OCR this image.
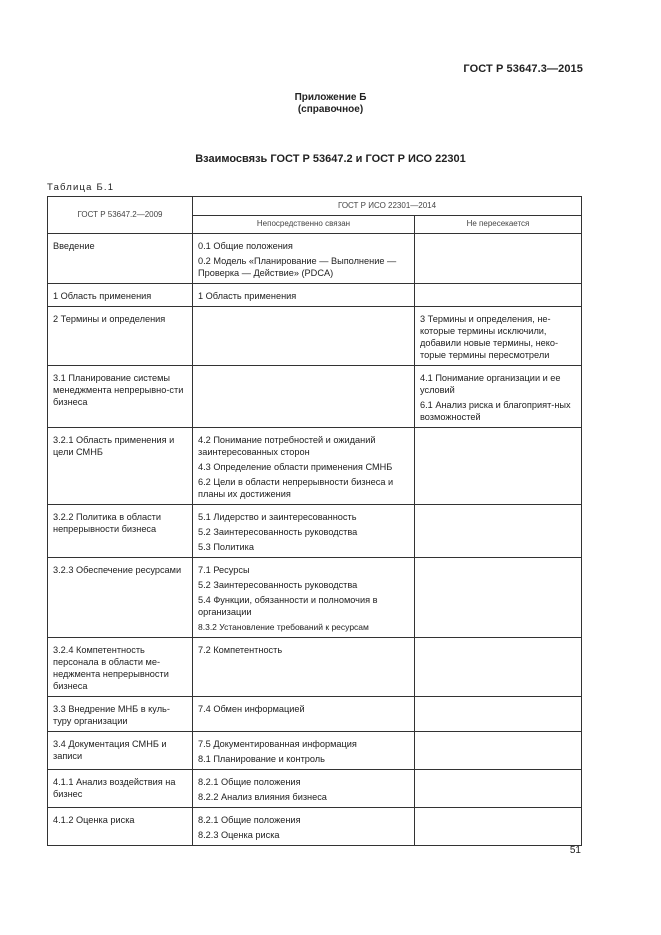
ГОСТ Р 53647.3—2015
Приложение Б
(справочное)
Взаимосвязь ГОСТ Р 53647.2 и ГОСТ Р ИСО 22301
Таблица Б.1
ГОСТ Р 53647.2—2009	ГОСТ Р ИСО 22301—2014	
	Непосредственно связан	Не пересекается

Введение	0.1 Общие положения
0.2 Модель «Планирование — Выполнение — Проверка — Действие» (PDCA)	

1 Область применения	1 Область применения	

2 Термины и определения		3 Термины и определения, не-которые термины исключили, добавили новые термины, неко-торые термины пересмотрели

3.1 Планирование системы менеджмента непрерывно-сти бизнеса		4.1 Понимание организации и ее условий
6.1 Анализ риска и благоприят-ных возможностей

3.2.1 Область применения и цели СМНБ	4.2 Понимание потребностей и ожиданий заинтересованных сторон
4.3 Определение области применения СМНБ
6.2 Цели в области непрерывности бизнеса и планы их достижения	

3.2.2 Политика в области непрерывности бизнеса	5.1 Лидерство и заинтересованность
5.2 Заинтересованность руководства
5.3 Политика	

3.2.3 Обеспечение ресурсами	7.1 Ресурсы
5.2 Заинтересованность руководства
5.4 Функции, обязанности и полномочия в организации
8.3.2 Установление требований к ресурсам	

3.2.4 Компетентность персонала в области ме-неджмента непрерывности бизнеса	7.2 Компетентность	

3.3 Внедрение МНБ в куль-туру организации	7.4 Обмен информацией	

3.4 Документация СМНБ и записи	7.5 Документированная информация
8.1 Планирование и контроль	

4.1.1 Анализ воздействия на бизнес	8.2.1 Общие положения
8.2.2 Анализ влияния бизнеса	

4.1.2 Оценка риска	8.2.1 Общие положения
8.2.3 Оценка риска	

51
